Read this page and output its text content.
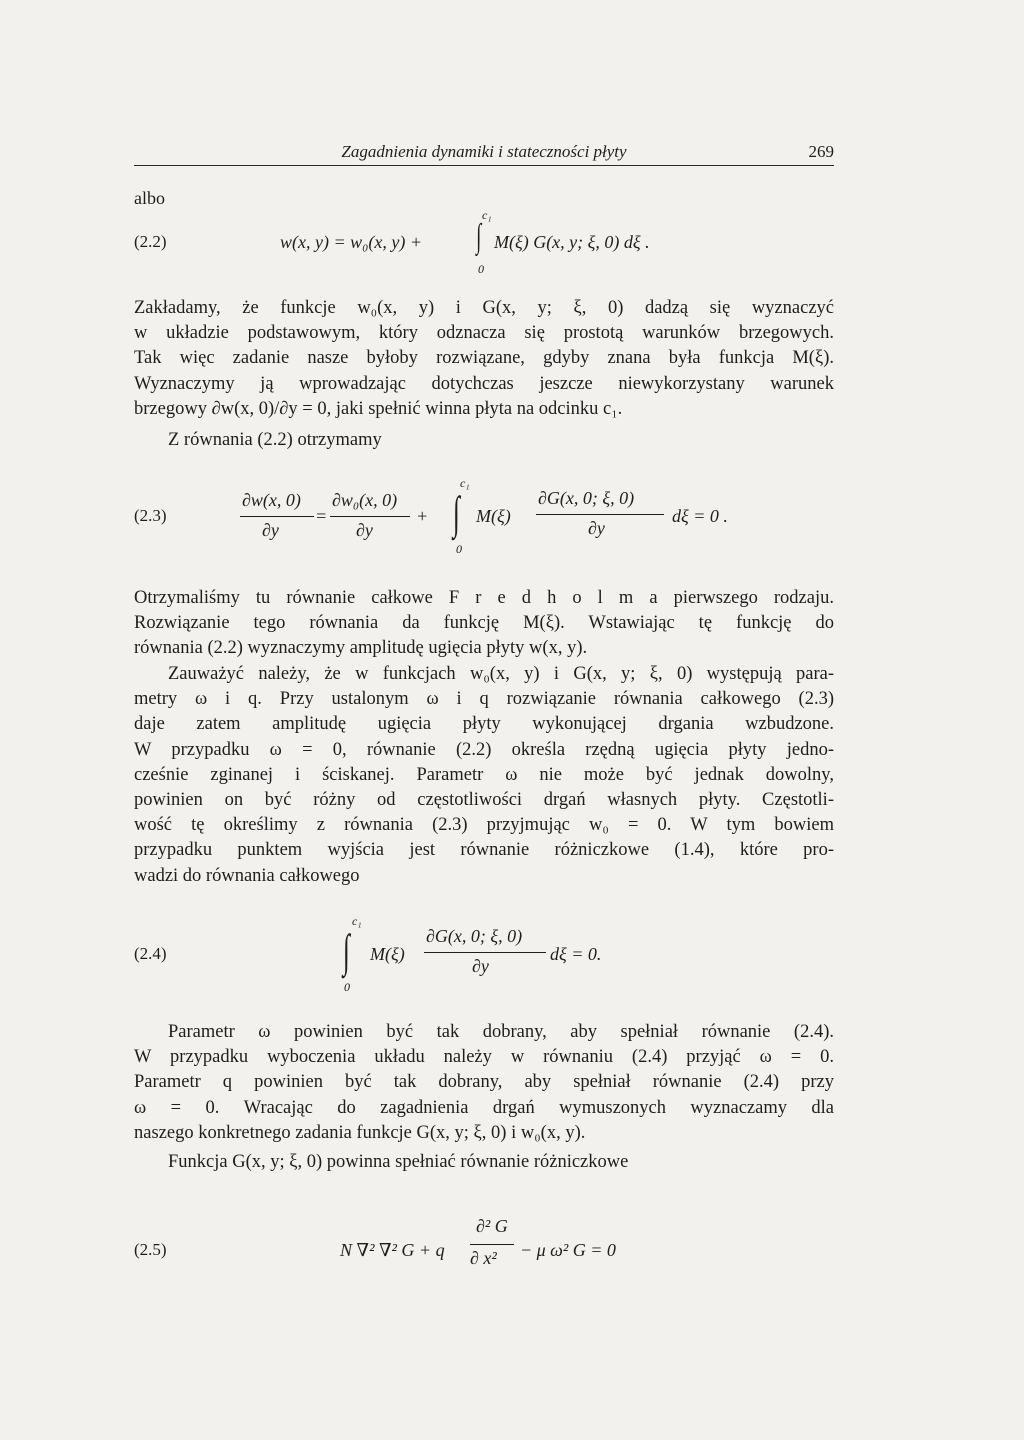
Zagadnienia dynamiki i stateczności płyty	269
albo
(2.2)	w(x, y) = w₀(x, y) +
c₁
∫
0
M(ξ) G(x, y; ξ, 0) dξ .
Zakładamy, że funkcje w₀(x, y) i G(x, y; ξ, 0) dadzą się wyznaczyć
w układzie podstawowym, który odznacza się prostotą warunków brzegowych.
Tak więc zadanie nasze byłoby rozwiązane, gdyby znana była funkcja M(ξ).
Wyznaczymy ją wprowadzając dotychczas jeszcze niewykorzystany warunek
brzegowy ∂w(x, 0)/∂y = 0, jaki spełnić winna płyta na odcinku c₁.
Z równania (2.2) otrzymamy
(2.3)
∂w(x, 0)
∂y
=
∂w₀(x, 0)
∂y
+
c₁
∫
0
M(ξ)
∂G(x, 0; ξ, 0)
∂y
dξ = 0 .
Otrzymaliśmy tu równanie całkowe F r e d h o l m a pierwszego rodzaju.
Rozwiązanie tego równania da funkcję M(ξ). Wstawiając tę funkcję do
równania (2.2) wyznaczymy amplitudę ugięcia płyty w(x, y).
Zauważyć należy, że w funkcjach w₀(x, y) i G(x, y; ξ, 0) występują para-
metry ω i q. Przy ustalonym ω i q rozwiązanie równania całkowego (2.3)
daje zatem amplitudę ugięcia płyty wykonującej drgania wzbudzone.
W przypadku ω = 0, równanie (2.2) określa rzędną ugięcia płyty jedno-
cześnie zginanej i ściskanej. Parametr ω nie może być jednak dowolny,
powinien on być różny od częstotliwości drgań własnych płyty. Częstotli-
wość tę określimy z równania (2.3) przyjmując w₀ = 0. W tym bowiem
przypadku punktem wyjścia jest równanie różniczkowe (1.4), które pro-
wadzi do równania całkowego
(2.4)
c₁
∫
0
M(ξ)
∂G(x, 0; ξ, 0)
∂y
dξ = 0.
Parametr ω powinien być tak dobrany, aby spełniał równanie (2.4).
W przypadku wyboczenia układu należy w równaniu (2.4) przyjąć ω = 0.
Parametr q powinien być tak dobrany, aby spełniał równanie (2.4) przy
ω = 0. Wracając do zagadnienia drgań wymuszonych wyznaczamy dla
naszego konkretnego zadania funkcje G(x, y; ξ, 0) i w₀(x, y).
Funkcja G(x, y; ξ, 0) powinna spełniać równanie różniczkowe
(2.5)	N ∇² ∇² G + q
∂² G
∂ x² − μ ω² G = 0
